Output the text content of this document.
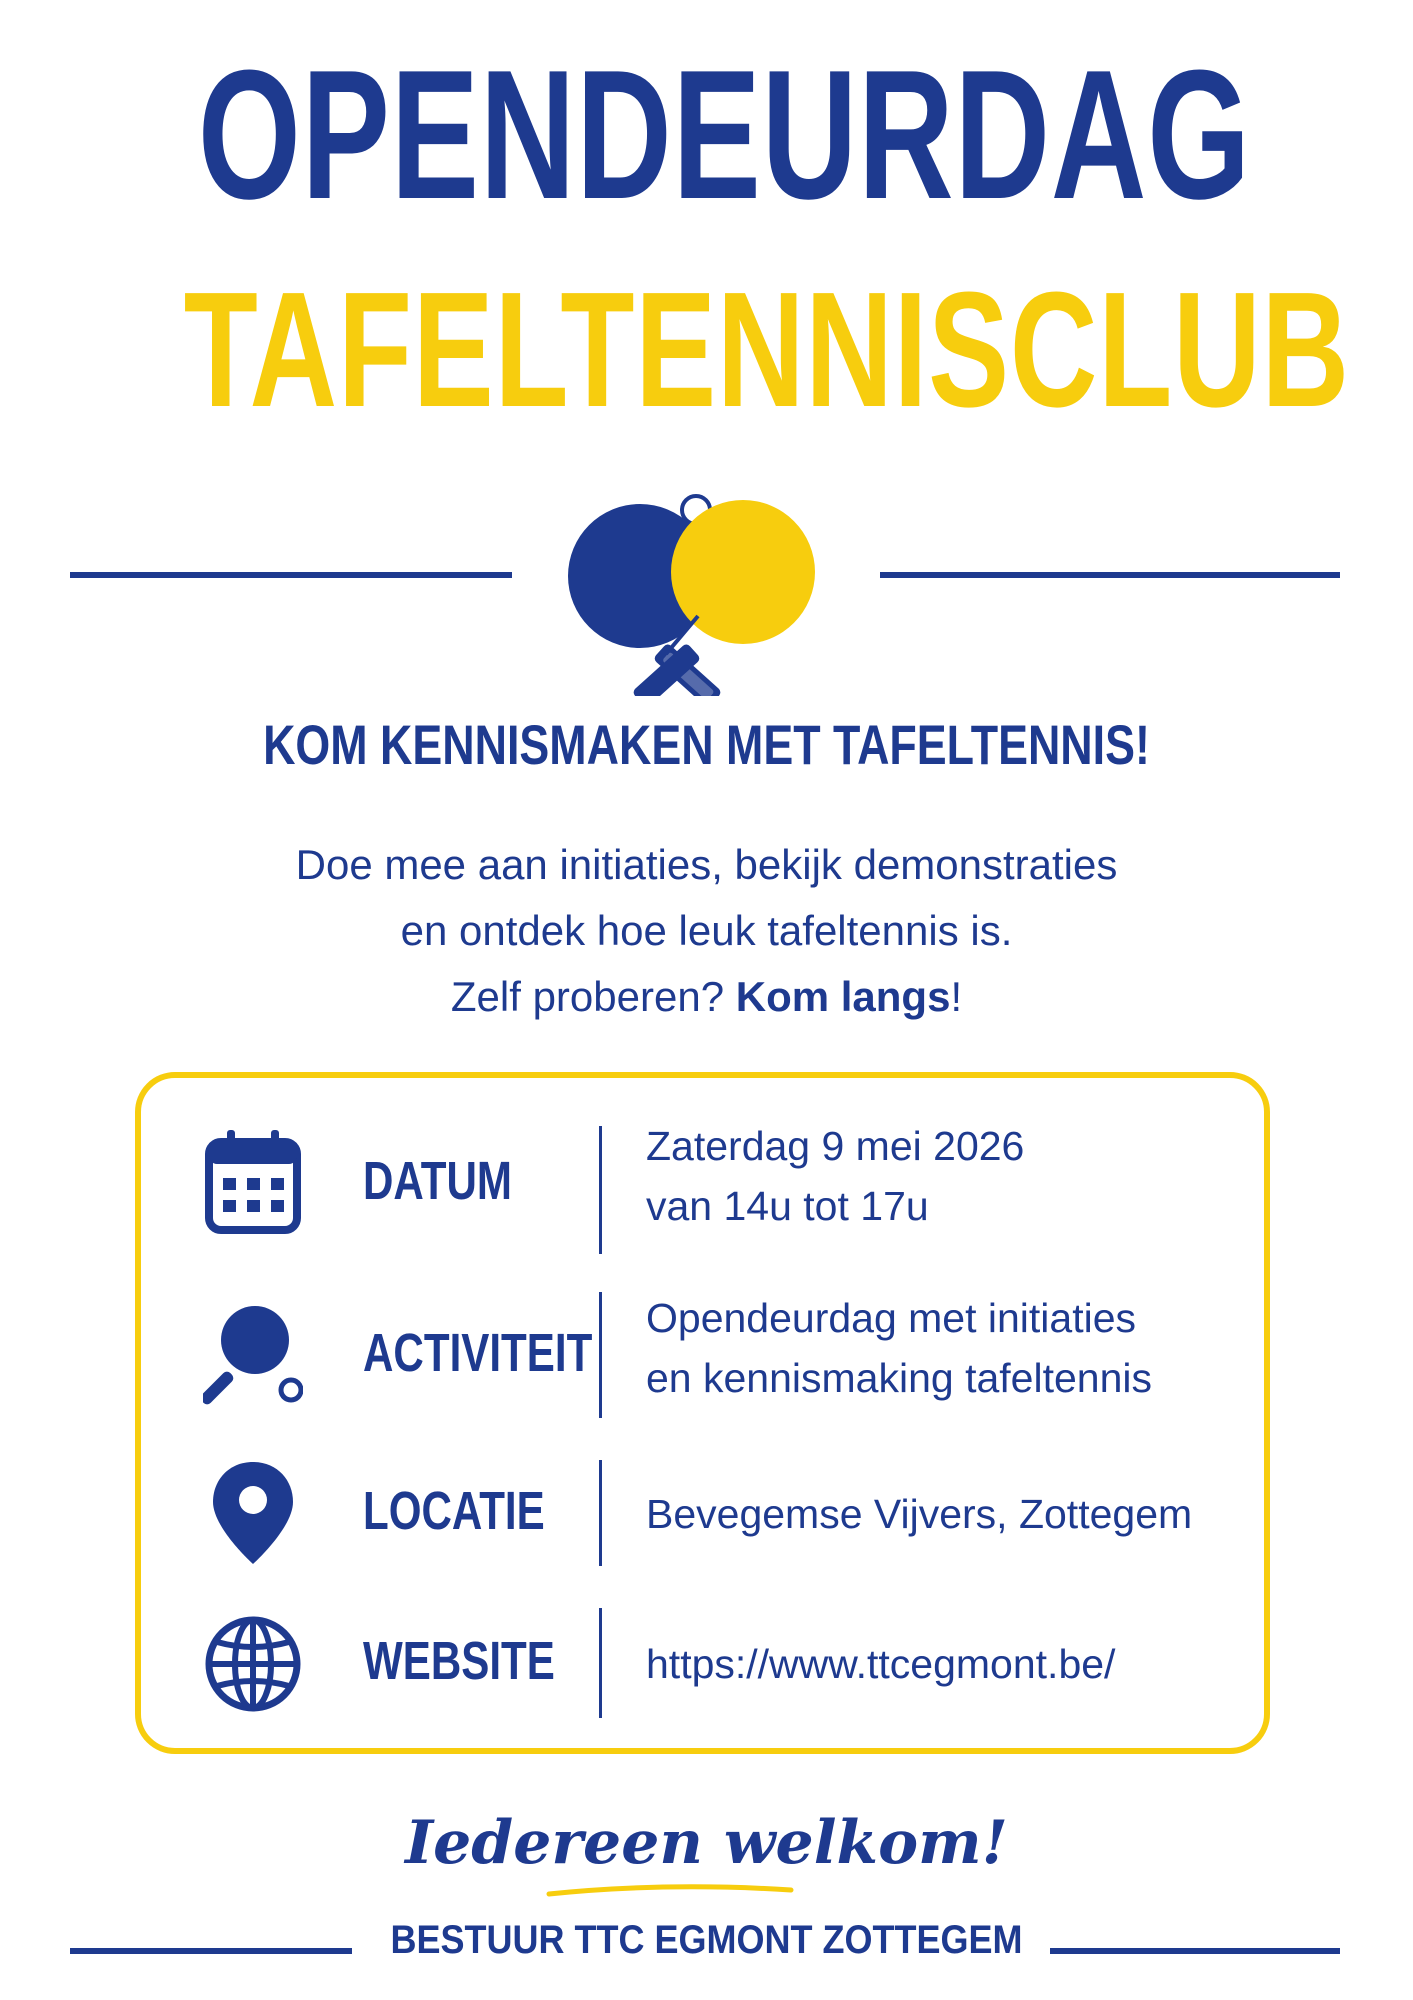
OPENDEURDAG
TAFELTENNISCLUB
KOM KENNISMAKEN MET TAFELTENNIS!

Doe mee aan initiaties, bekijk demonstraties

en ontdek hoe leuk tafeltennis is.

Zelf proberen? Kom langs!

DATUM
Zaterdag 9 mei 2026
van 14u tot 17u
ACTIVITEIT
Opendeurdag met initiaties
en kennismaking tafeltennis
LOCATIE Bevegemse Vijvers, Zottegem
WEBSITE https://www.ttcegmont.be/
Iedereen welkom!

BESTUUR TTC EGMONT ZOTTEGEM
